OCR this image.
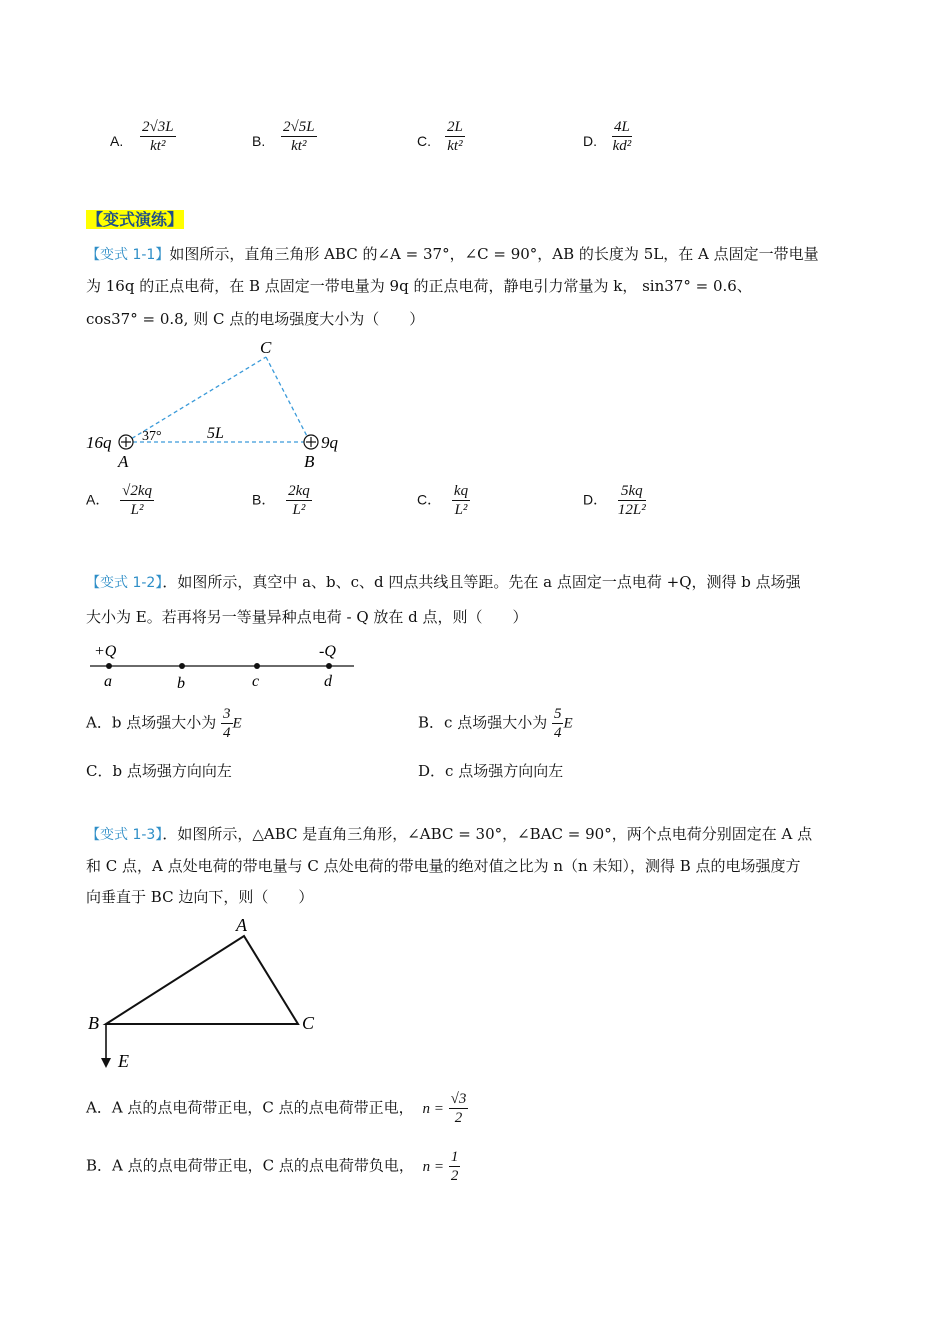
A. $\frac{2√3L}{\text{kt²}}$	B. $\frac{2√5L}{\text{kt²}}$	C. $\frac{2L}{\text{kt²}}$	D. $\frac{4L}{\text{kd²}}$
【变式演练】
【变式 1-1】如图所示，直角三角形 ABC 的∠A = 37°，∠C = 90°，AB 的长度为 5L，在 A 点固定一带电量
为 16q 的正点电荷，在 B 点固定一带电量为 9q 的正点电荷，静电引力常量为 k， sin37° = 0.6、
cos37° = 0.8, 则 C 点的电场强度大小为（　　）
C
A	B
16q	9q
37°	5L
A． $\frac{√2kq}{\text{L²}}$	B． $\frac{2kq}{\text{L²}}$	C． $\frac{kq}{\text{L²}}$	D． $\frac{5kq}{\text{12L²}}$
【变式 1-2】．如图所示，真空中 a、b、c、d 四点共线且等距。先在 a 点固定一点电荷 +Q，测得 b 点场强
大小为 E。若再将另一等量异种点电荷 - Q 放在 d 点，则（　　）
+Q	-Q
a	b	c	d
A．b 点场强大小为 $\frac{3}{4}$ E	B．c 点场强大小为 $\frac{5}{4}$ E
C．b 点场强方向向左	D．c 点场强方向向左
【变式 1-3】．如图所示，△ABC 是直角三角形，∠ABC = 30°，∠BAC = 90°，两个点电荷分别固定在 A 点
和 C 点，A 点处电荷的带电量与 C 点处电荷的带电量的绝对值之比为 n（n 未知），测得 B 点的电场强度方
向垂直于 BC 边向下，则（　　）
A
B	C
E
A．A 点的点电荷带正电，C 点的点电荷带正电， $n = \frac{√3}{2}$
B．A 点的点电荷带正电，C 点的点电荷带负电， $n = \frac{1}{2}$
